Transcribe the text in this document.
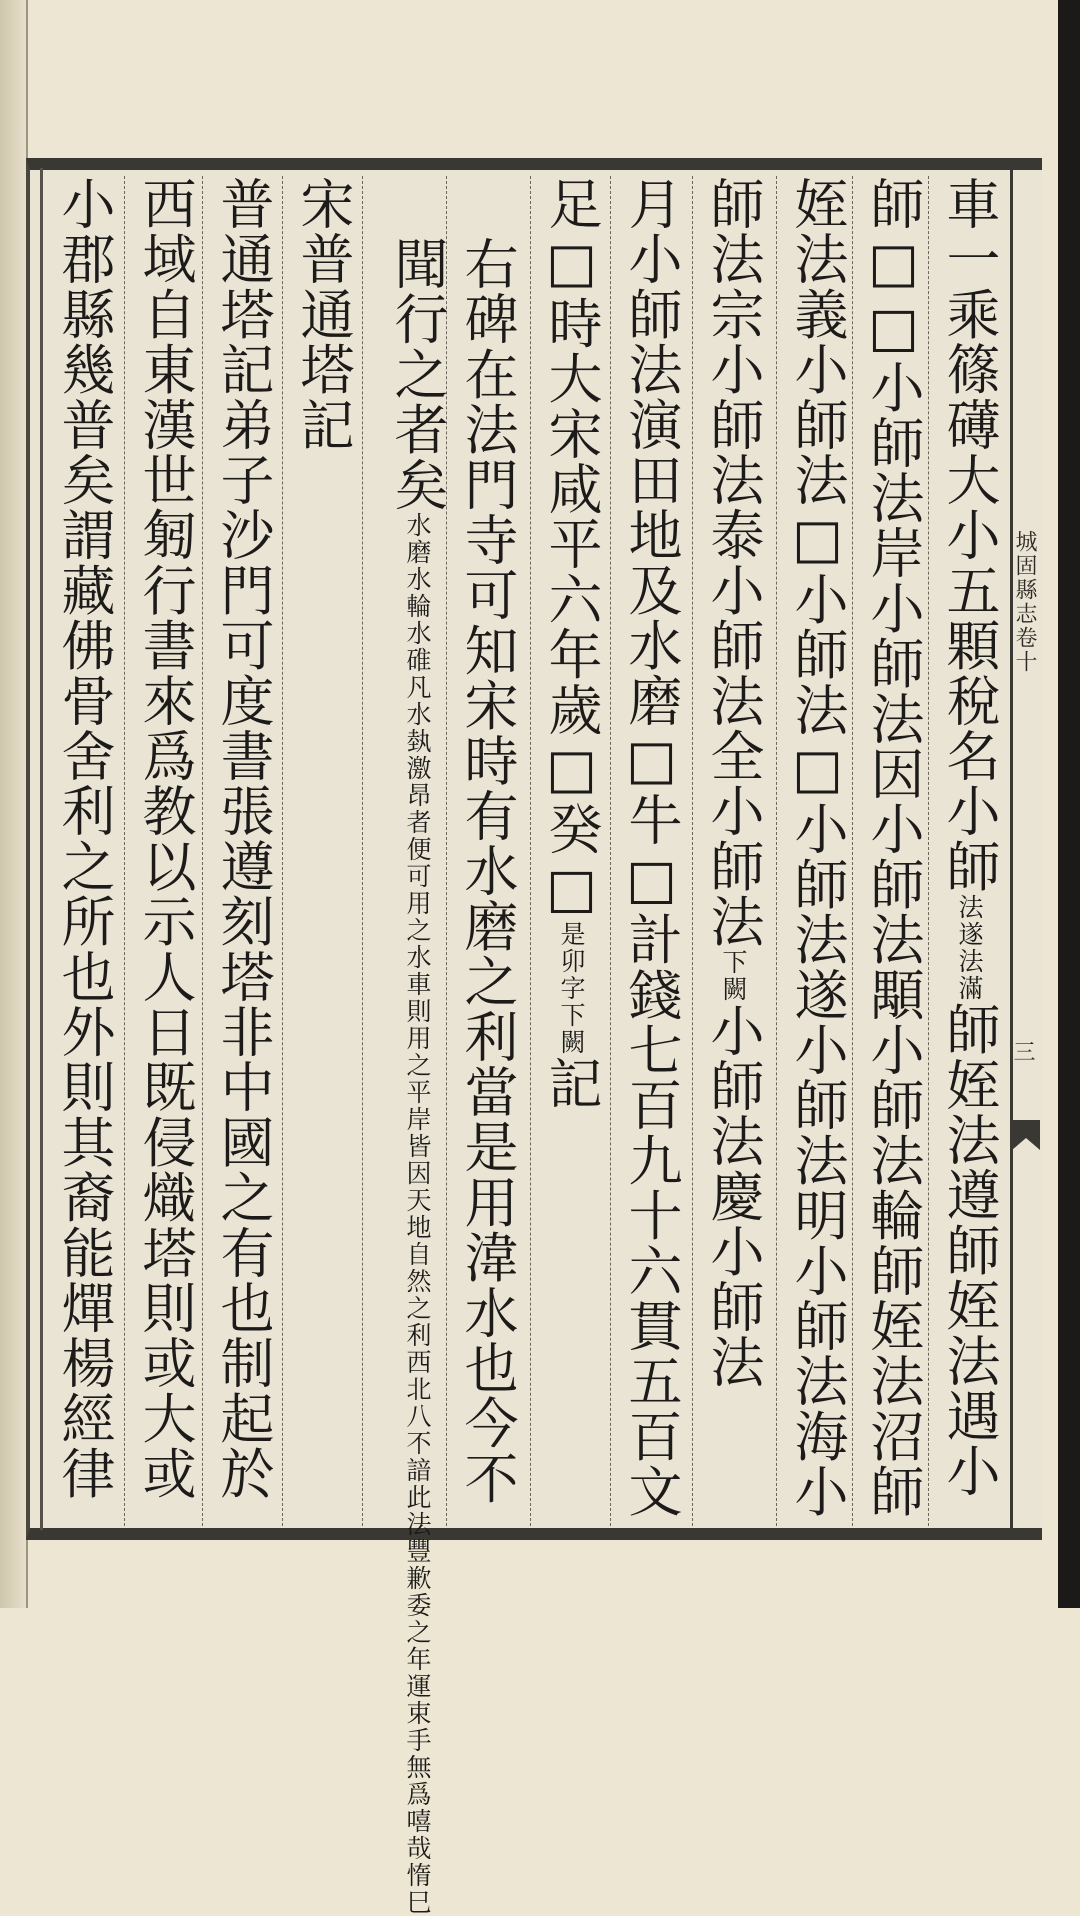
城固縣志卷十
三
車一乘篠礡大小五顆稅名小師法遂法滿師姪法遵師姪法遇小
師□□小師法岸小師法因小師法顒小師法輪師姪法沼師
姪法義小師法□小師法□小師法遂小師法明小師法海小
師法宗小師法泰小師法全小師法下闕小師法慶小師法
月小師法演田地及水磨□牛□計錢七百九十六貫五百文
足□時大宋咸平六年歲□癸□是卯字下闕記
右碑在法門寺可知宋時有水磨之利當是用湋水也今不
聞行之者矣水磨水輪水碓凡水埶激昂者便可用之水車則用之平岸皆因天地自然之利西北八不諳此法豐歉委之年運束手無爲嘻哉惰巳
宋普通塔記
普通塔記弟子沙門可度書張遵刻塔非中國之有也制起於
西域自東漢世匑行書來爲教以示人日既侵熾塔則或大或
小郡縣幾普矣謂藏佛骨舍利之所也外則其裔能燀楊經律
